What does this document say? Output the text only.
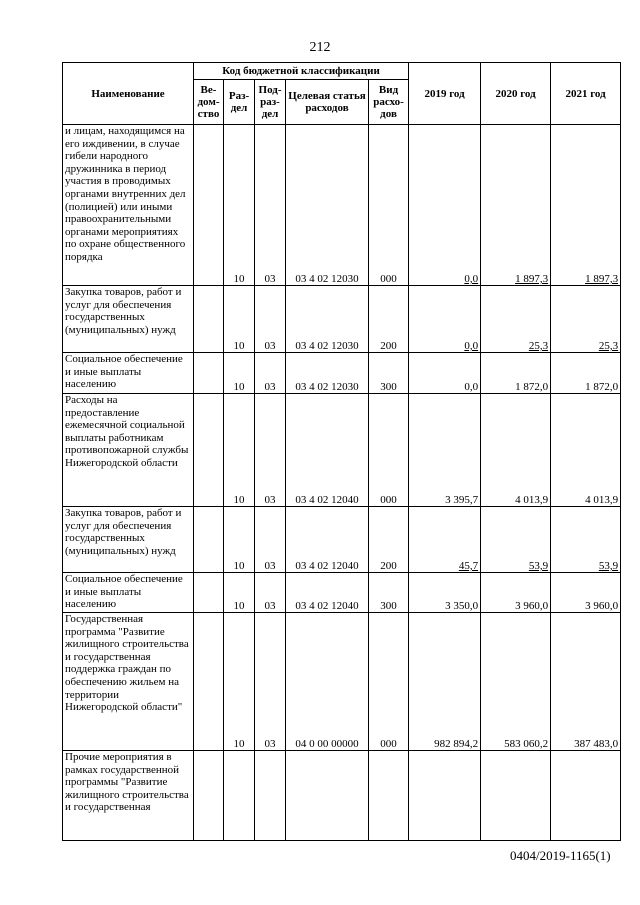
212
Наименование	Код бюджетной классификации					2019 год	2020 год	2021 год
	Ве-дом-ство	Раз-дел	Под-раз-дел	Целевая статья расходов	Вид расхо-дов			
и лицам, находящимся на его иждивении, в случае гибели народного дружинника в период участия в проводимых органами внутренних дел (полицией) или иными правоохранительными органами мероприятиях по охране общественного порядка		10	03	03 4 02 12030	000	0,0	1 897,3	1 897,3
Закупка товаров, работ и услуг для обеспечения государственных (муниципальных) нужд		10	03	03 4 02 12030	200	0,0	25,3	25,3
Социальное обеспечение и иные выплаты населению		10	03	03 4 02 12030	300	0,0	1 872,0	1 872,0
Расходы на предоставление ежемесячной социальной выплаты работникам противопожарной службы Нижегородской области		10	03	03 4 02 12040	000	3 395,7	4 013,9	4 013,9
Закупка товаров, работ и услуг для обеспечения государственных (муниципальных) нужд		10	03	03 4 02 12040	200	45,7	53,9	53,9
Социальное обеспечение и иные выплаты населению		10	03	03 4 02 12040	300	3 350,0	3 960,0	3 960,0
Государственная программа "Развитие жилищного строительства и государственная поддержка граждан по обеспечению жильем на территории Нижегородской области"		10	03	04 0 00 00000	000	982 894,2	583 060,2	387 483,0
Прочие мероприятия в рамках государственной программы "Развитие жилищного строительства и государственная								
0404/2019-1165(1)
